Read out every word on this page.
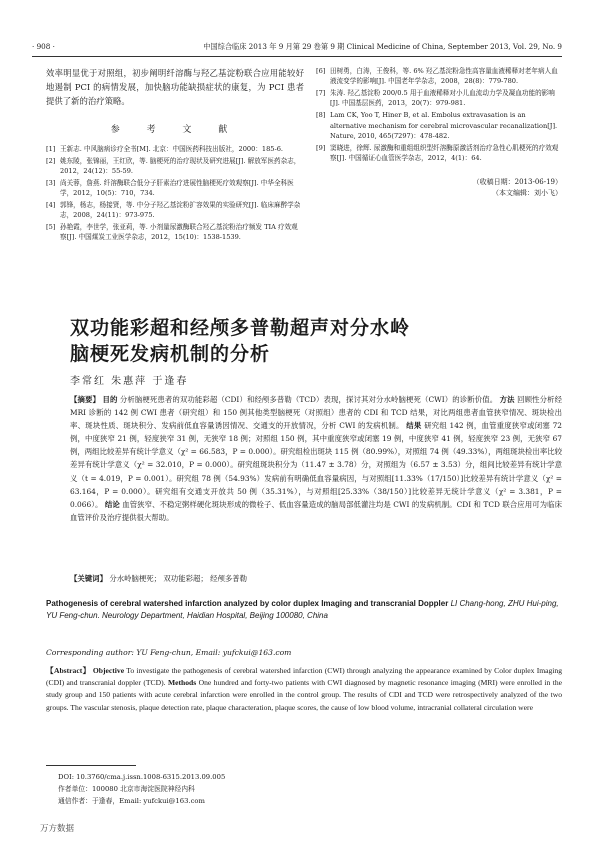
· 908 ·	中国综合临床 2013 年 9 月第 29 卷第 9 期 Clinical Medicine of China, September 2013, Vol. 29, No. 9

效率明显优于对照组，初步阐明纤溶酶与羟乙基淀粉联合应用能较好地遏制 PCI 的病情发展，加快脑功能缺损症状的康复，为 PCI 患者提供了新的治疗策略。

参 考 文 献
[1] 王新志. 中风脑病诊疗全书[M]. 北京：中国医药科技出版社，2000：185-6.
[2] 姚东陵，张锦丽，王红欣，等. 脑梗死的治疗现状及研究进展[J]. 解放军医药杂志，2012，24(12)：55-59.
[3] 尚关蓉，詹燕. 纤溶酶联合低分子肝素治疗进展性脑梗死疗效观察[J]. 中华全科医学，2012，10(5)：710，734.
[4] 郭锋，杨志，杨接贤，等. 中分子羟乙基淀粉扩容效果的实验研究[J]. 临床麻醉学杂志，2008，24(11)：973-975.
[5] 孙艳霞，李世学，张亚莉，等. 小剂量尿激酶联合羟乙基淀粉治疗频发 TIA 疗效观察[J]. 中国煤炭工业医学杂志，2012，15(10)：1538-1539.
[6] 田树勇，白涛，王俊科，等. 6% 羟乙基淀粉急性高容量血液稀释对老年病人血液流变学的影响[J]. 中国老年学杂志，2008，28(8)：779-780.
[7] 朱涛. 羟乙基淀粉 200/0.5 用于血液稀释对小儿血流动力学及凝血功能的影响[J]. 中国基层医药，2013，20(7)：979-981.
[8] Lam CK, Yoo T, Hiner B, et al. Embolus extravasation is an alternative mechanism for cerebral microvascular recanalization[J]. Nature, 2010, 465(7297)：478-482.
[9] 窦晓进，徐辉. 尿激酶和重组组织型纤溶酶原激活剂治疗急性心肌梗死的疗效观察[J]. 中国循证心血管医学杂志，2012，4(1)：64.
（收稿日期：2013-06-19）
（本文编辑：刘小飞）
双功能彩超和经颅多普勒超声对分水岭
脑梗死发病机制的分析

李常红 朱惠萍 于逢春

【摘要】 目的 分析脑梗死患者的双功能彩超（CDI）和经颅多普勒（TCD）表现，探讨其对分水岭脑梗死（CWI）的诊断价值。 方法 回顾性分析经 MRI 诊断的 142 例 CWI 患者（研究组）和 150 例其他类型脑梗死（对照组）患者的 CDI 和 TCD 结果，对比两组患者血管狭窄情况、斑块检出率、斑块性质、斑块积分、发病前低血容量诱因情况、交通支的开放情况，分析 CWI 的发病机制。 结果 研究组 142 例，血管重度狭窄或闭塞 72 例，中度狭窄 21 例，轻度狭窄 31 例，无狭窄 18 例；对照组 150 例，其中重度狭窄或闭塞 19 例，中度狭窄 41 例，轻度狭窄 23 例，无狭窄 67 例，两组比较差异有统计学意义（χ² = 66.583，P = 0.000）。研究组检出斑块 115 例（80.99%），对照组 74 例（49.33%），两组斑块检出率比较差异有统计学意义（χ² = 32.010，P = 0.000）。研究组斑块积分为（11.47 ± 3.78）分，对照组为（6.57 ± 3.53）分，组间比较差异有统计学意义（t = 4.019，P = 0.001）。研究组 78 例（54.93%）发病前有明确低血容量病因，与对照组[11.33%（17/150）]比较差异有统计学意义（χ² = 63.164，P = 0.000）。研究组有交通支开放共 50 例（35.31%），与对照组[25.33%（38/150）]比较差异无统计学意义（χ² = 3.381，P = 0.066）。 结论 血管狭窄、不稳定粥样硬化斑块形成的微栓子、低血容量造成的脑局部低灌注均是 CWI 的发病机制。CDI 和 TCD 联合应用可为临床血管评价及治疗提供很大帮助。
【关键词】 分水岭脑梗死； 双功能彩超； 经颅多普勒

Pathogenesis of cerebral watershed infarction analyzed by color duplex Imaging and transcranial Doppler LI Chang-hong, ZHU Hui-ping, YU Feng-chun. Neurology Department, Haidian Hospital, Beijing 100080, China

Corresponding author: YU Feng-chun, Email: yufckui@163.com
【Abstract】 Objective To investigate the pathogenesis of cerebral watershed infarction (CWI) through analyzing the appearance examined by Color duplex Imaging (CDI) and transcranial doppler (TCD). Methods One hundred and forty-two patients with CWI diagnosed by magnetic resonance imaging (MRI) were enrolled in the study group and 150 patients with acute cerebral infarction were enrolled in the control group. The results of CDI and TCD were retrospectively analyzed of the two groups. The vascular stenosis, plaque detection rate, plaque characteration, plaque scores, the cause of low blood volume, intracranial collateral circulation were
DOI: 10.3760/cma.j.issn.1008-6315.2013.09.005
作者单位：100080 北京市海淀医院神经内科
通信作者：于逢春，Email: yufckui@163.com
万方数据
